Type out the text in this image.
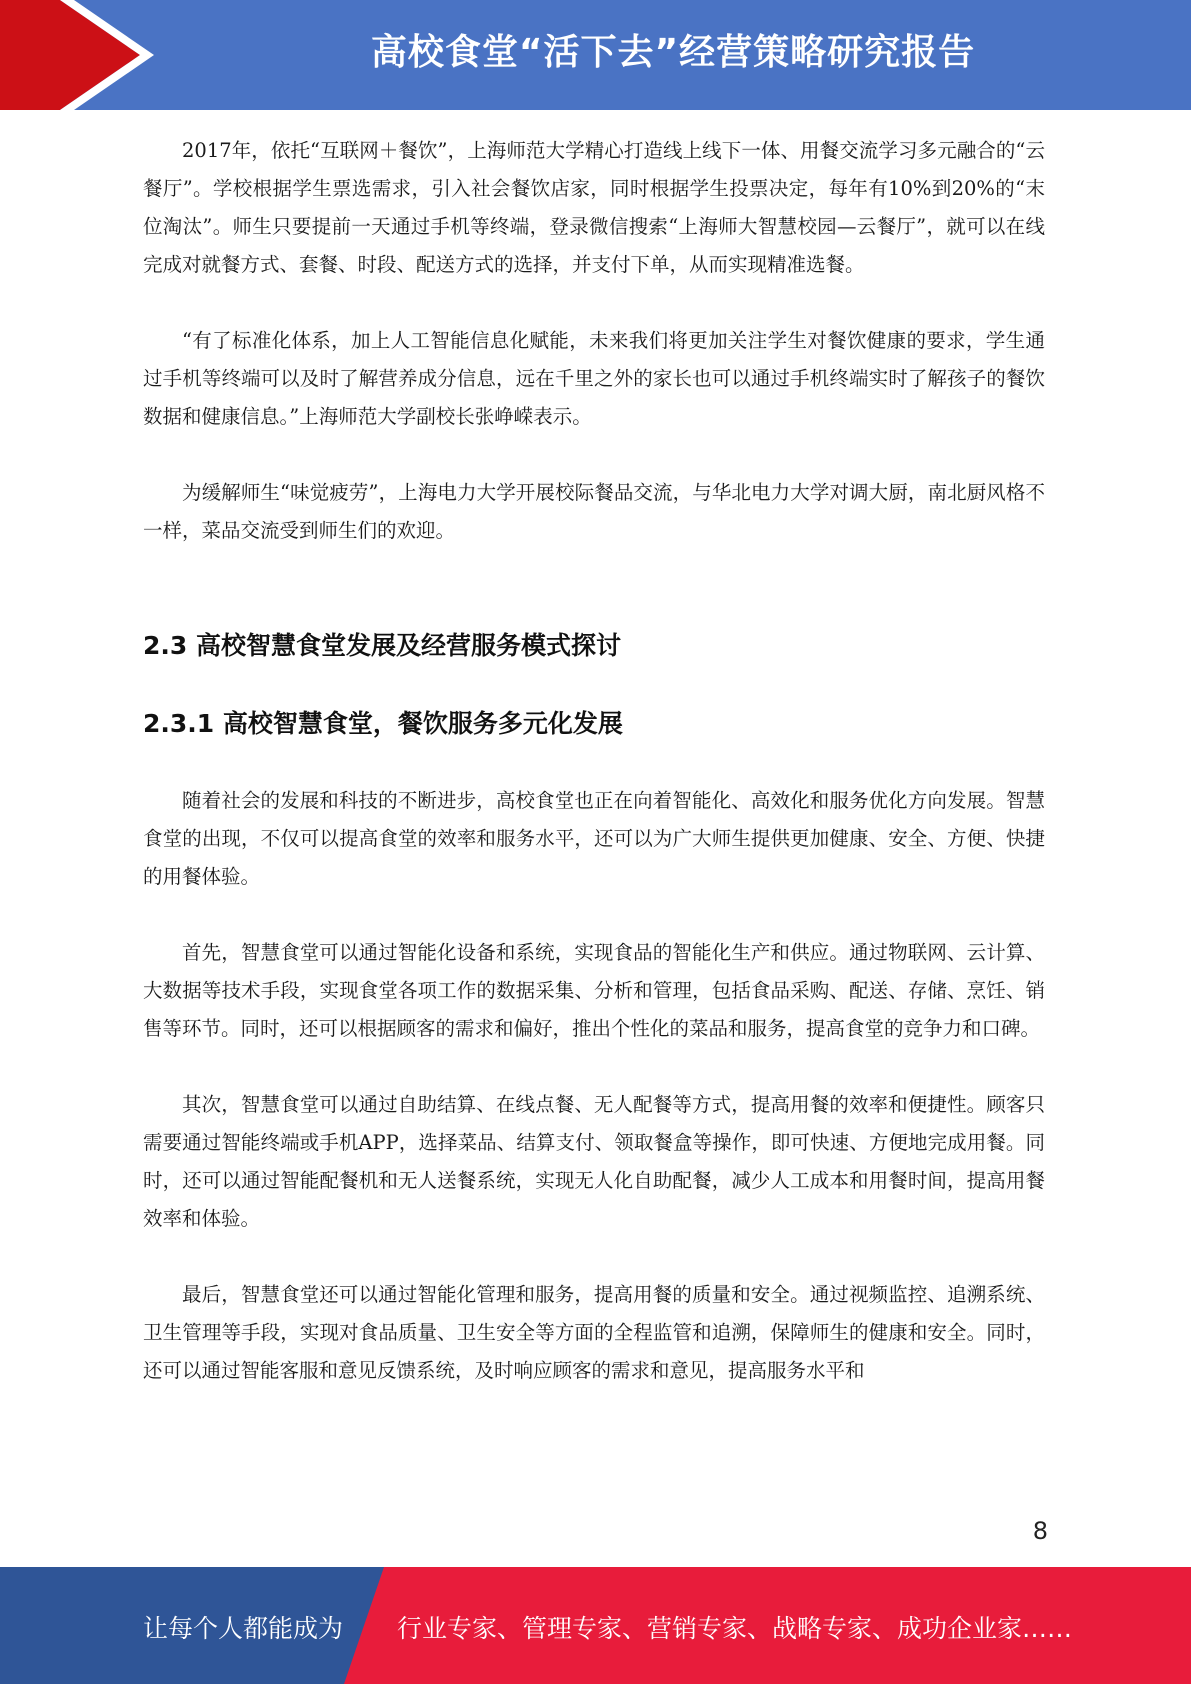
高校食堂“活下去”经营策略研究报告

2017年，依托“互联网＋餐饮”，上海师范大学精心打造线上线下一体、用餐交流学习多元融合的“云餐厅”。学校根据学生票选需求，引入社会餐饮店家，同时根据学生投票决定，每年有10%到20%的“末位淘汰”。师生只要提前一天通过手机等终端，登录微信搜索“上海师大智慧校园—云餐厅”，就可以在线完成对就餐方式、套餐、时段、配送方式的选择，并支付下单，从而实现精准选餐。

“有了标准化体系，加上人工智能信息化赋能，未来我们将更加关注学生对餐饮健康的要求，学生通过手机等终端可以及时了解营养成分信息，远在千里之外的家长也可以通过手机终端实时了解孩子的餐饮数据和健康信息。”上海师范大学副校长张峥嵘表示。

为缓解师生“味觉疲劳”，上海电力大学开展校际餐品交流，与华北电力大学对调大厨，南北厨风格不一样，菜品交流受到师生们的欢迎。

2.3 高校智慧食堂发展及经营服务模式探讨
2.3.1 高校智慧食堂，餐饮服务多元化发展

随着社会的发展和科技的不断进步，高校食堂也正在向着智能化、高效化和服务优化方向发展。智慧食堂的出现，不仅可以提高食堂的效率和服务水平，还可以为广大师生提供更加健康、安全、方便、快捷的用餐体验。

首先，智慧食堂可以通过智能化设备和系统，实现食品的智能化生产和供应。通过物联网、云计算、大数据等技术手段，实现食堂各项工作的数据采集、分析和管理，包括食品采购、配送、存储、烹饪、销售等环节。同时，还可以根据顾客的需求和偏好，推出个性化的菜品和服务，提高食堂的竞争力和口碑。

其次，智慧食堂可以通过自助结算、在线点餐、无人配餐等方式，提高用餐的效率和便捷性。顾客只需要通过智能终端或手机APP，选择菜品、结算支付、领取餐盒等操作，即可快速、方便地完成用餐。同时，还可以通过智能配餐机和无人送餐系统，实现无人化自助配餐，减少人工成本和用餐时间，提高用餐效率和体验。

最后，智慧食堂还可以通过智能化管理和服务，提高用餐的质量和安全。通过视频监控、追溯系统、卫生管理等手段，实现对食品质量、卫生安全等方面的全程监管和追溯，保障师生的健康和安全。同时，还可以通过智能客服和意见反馈系统，及时响应顾客的需求和意见，提高服务水平和

8
让每个人都能成为 行业专家、管理专家、营销专家、战略专家、成功企业家……
